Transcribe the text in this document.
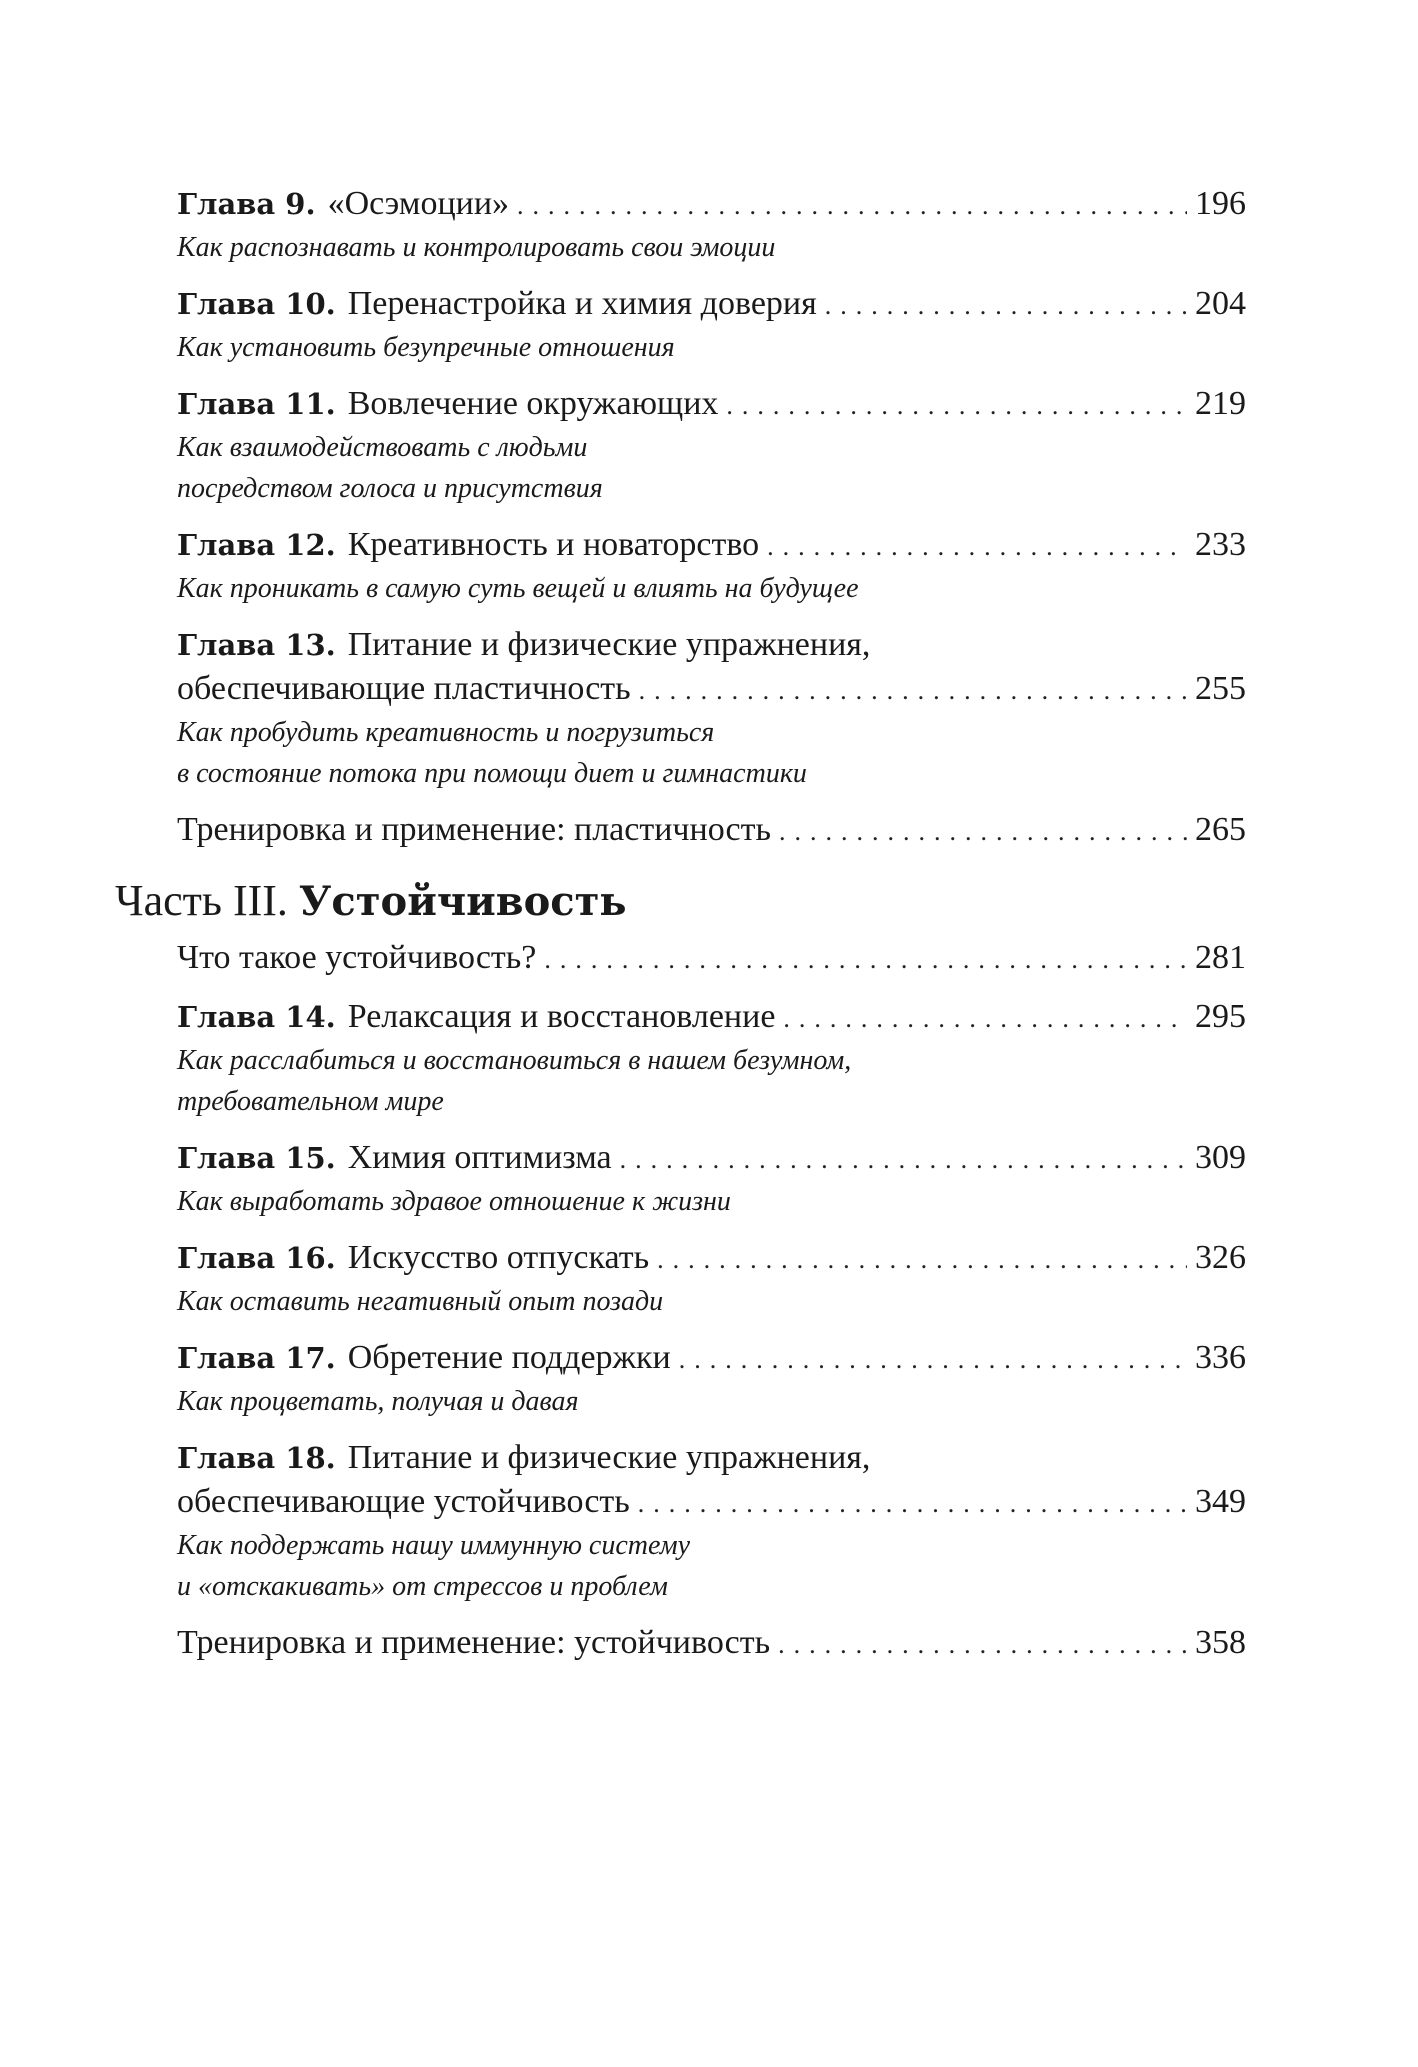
Глава 9. «Осэмоции» .....	196
Как распознавать и контролировать свои эмоции
Глава 10. Перенастройка и химия доверия .....	204
Как установить безупречные отношения
Глава 11. Вовлечение окружающих .....	219
Как взаимодействовать с людьми
посредством голоса и присутствия
Глава 12. Креативность и новаторство .....	233
Как проникать в самую суть вещей и влиять на будущее
Глава 13. Питание и физические упражнения,
обеспечивающие пластичность .....	255
Как пробудить креативность и погрузиться
в состояние потока при помощи диет и гимнастики
Тренировка и применение: пластичность .....	265
Часть III. Устойчивость
Что такое устойчивость? .....	281
Глава 14. Релаксация и восстановление .....	295
Как расслабиться и восстановиться в нашем безумном,
требовательном мире
Глава 15. Химия оптимизма .....	309
Как выработать здравое отношение к жизни
Глава 16. Искусство отпускать .....	326
Как оставить негативный опыт позади
Глава 17. Обретение поддержки .....	336
Как процветать, получая и давая
Глава 18. Питание и физические упражнения,
обеспечивающие устойчивость .....	349
Как поддержать нашу иммунную систему
и «отскакивать» от стрессов и проблем
Тренировка и применение: устойчивость .....	358
